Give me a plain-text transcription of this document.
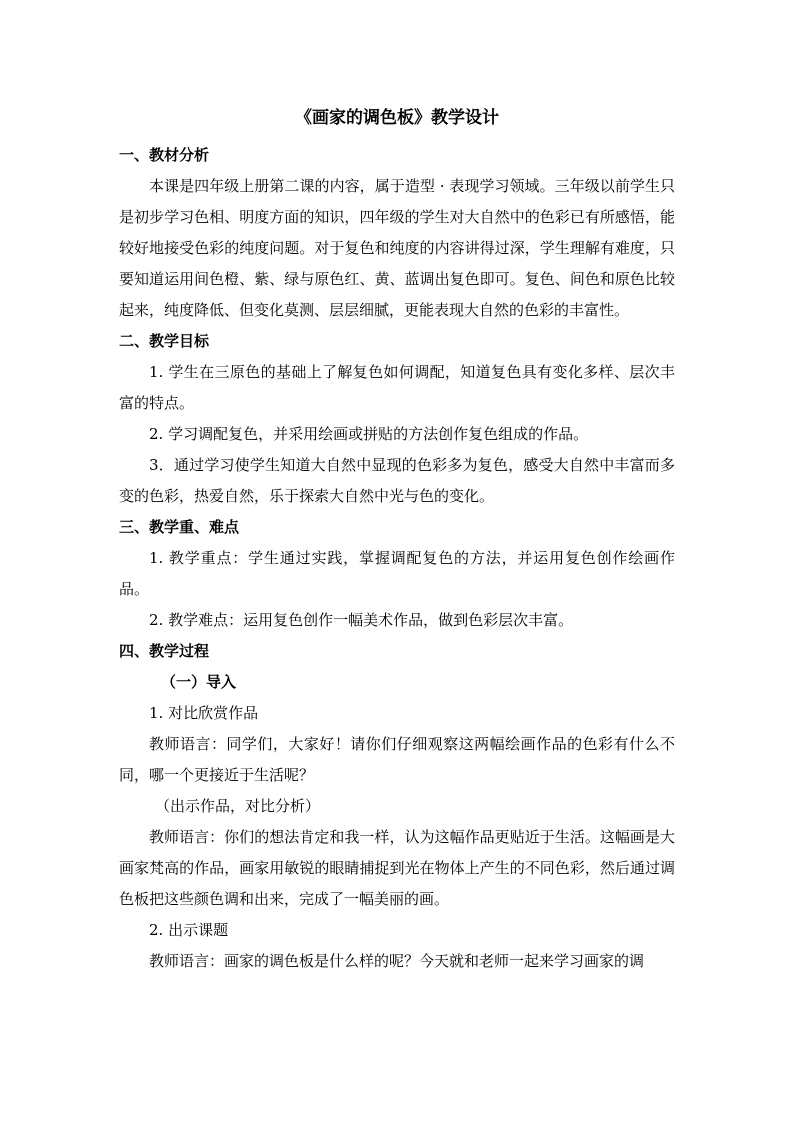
《画家的调色板》教学设计
一、教材分析
本课是四年级上册第二课的内容，属于造型 · 表现学习领域。三年级以前学生只是初步学习色相、明度方面的知识，四年级的学生对大自然中的色彩已有所感悟，能较好地接受色彩的纯度问题。对于复色和纯度的内容讲得过深，学生理解有难度，只要知道运用间色橙、紫、绿与原色红、黄、蓝调出复色即可。复色、间色和原色比较起来，纯度降低、但变化莫测、层层细腻，更能表现大自然的色彩的丰富性。
二、教学目标
1. 学生在三原色的基础上了解复色如何调配，知道复色具有变化多样、层次丰富的特点。
2. 学习调配复色，并采用绘画或拼贴的方法创作复色组成的作品。
3．通过学习使学生知道大自然中显现的色彩多为复色，感受大自然中丰富而多变的色彩，热爱自然，乐于探索大自然中光与色的变化。
三、教学重、难点
1. 教学重点：学生通过实践，掌握调配复色的方法，并运用复色创作绘画作品。
2. 教学难点：运用复色创作一幅美术作品，做到色彩层次丰富。
四、教学过程
（一）导入
1. 对比欣赏作品
教师语言：同学们，大家好！请你们仔细观察这两幅绘画作品的色彩有什么不同，哪一个更接近于生活呢？
（出示作品，对比分析）
教师语言：你们的想法肯定和我一样，认为这幅作品更贴近于生活。这幅画是大画家梵高的作品，画家用敏锐的眼睛捕捉到光在物体上产生的不同色彩，然后通过调色板把这些颜色调和出来，完成了一幅美丽的画。
2. 出示课题
教师语言：画家的调色板是什么样的呢？今天就和老师一起来学习画家的调
